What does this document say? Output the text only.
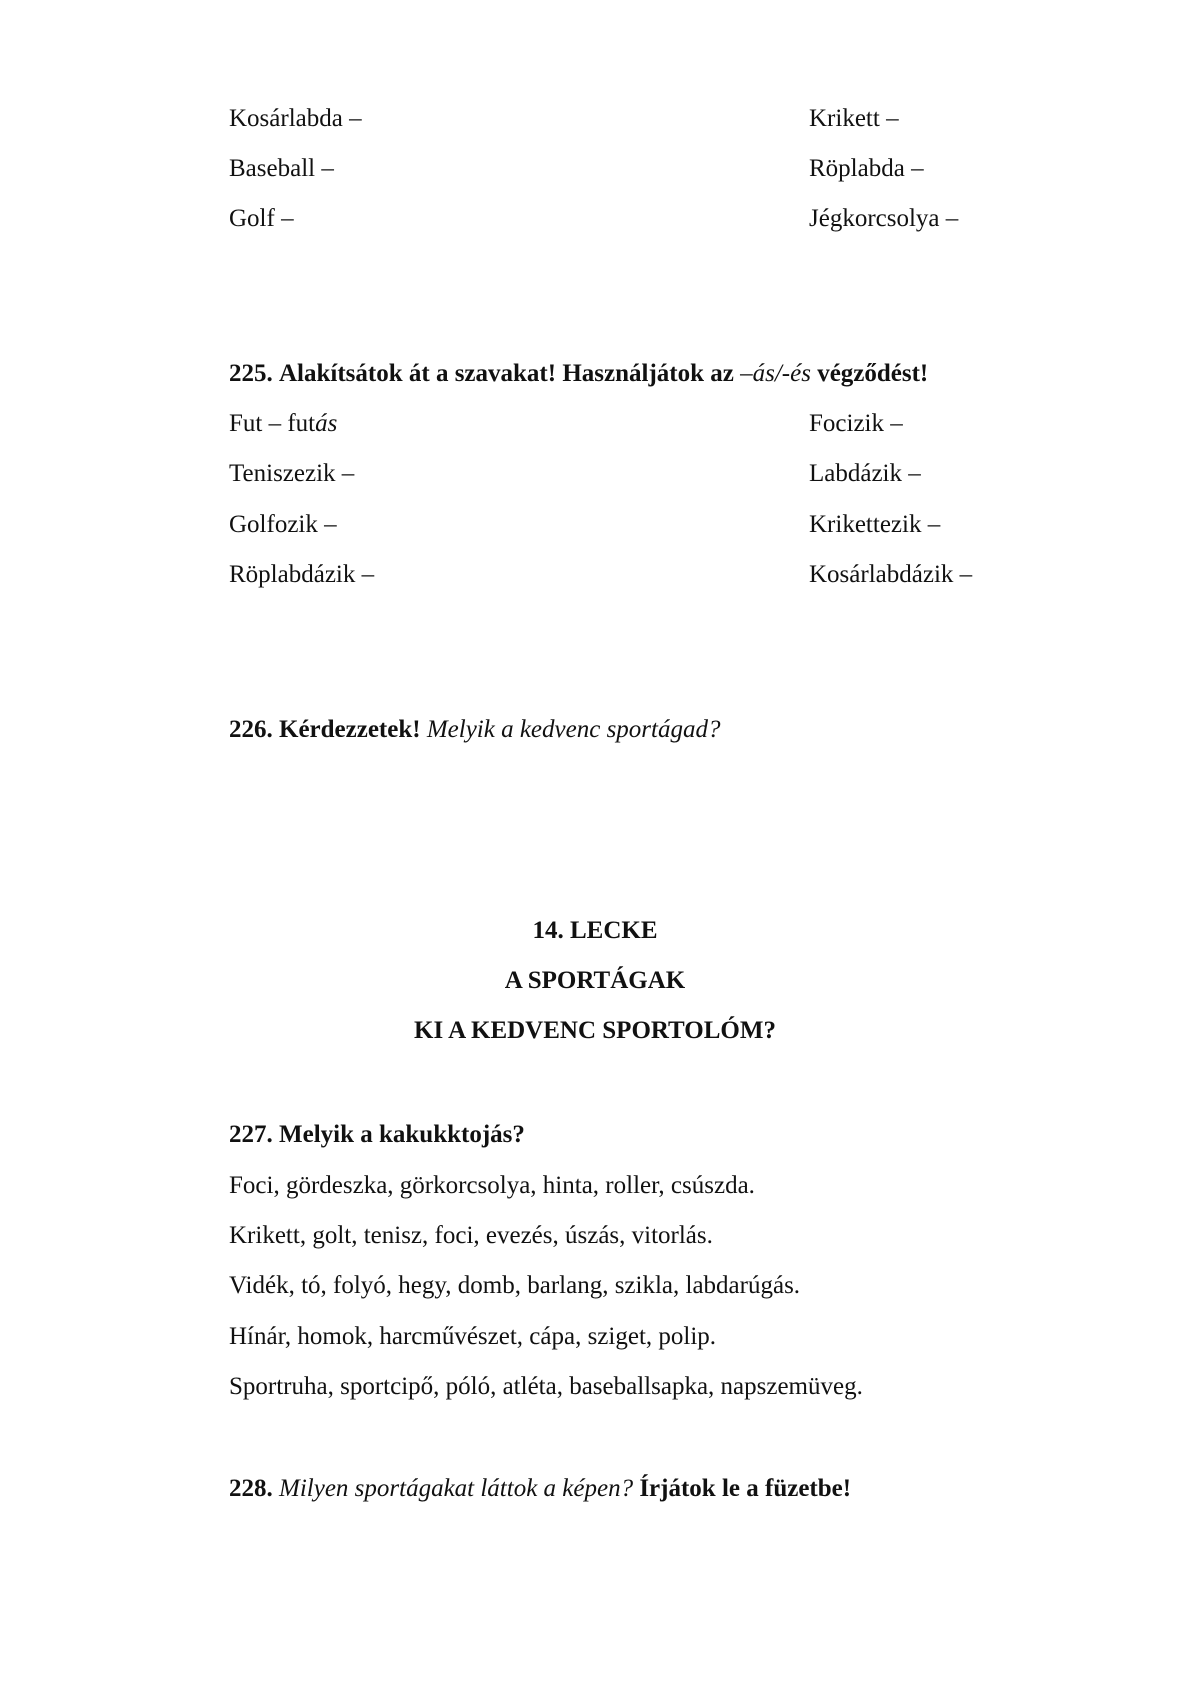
Kosárlabda –
Baseball –
Golf –
Krikett –
Röplabda –
Jégkorcsolya –
225. Alakítsátok át a szavakat! Használjátok az –ás/-és végződést!
Fut – futás
Teniszezik –
Golfozik –
Röplabdázik –
Focizik –
Labdázik –
Krikettezik –
Kosárlabdázik –
226. Kérdezzetek! Melyik a kedvenc sportágad?
14. LECKE
A SPORTÁGAK
KI A KEDVENC SPORTOLÓM?
227. Melyik a kakukktojás?
Foci, gördeszka, görkorcsolya, hinta, roller, csúszda.
Krikett, golt, tenisz, foci, evezés, úszás, vitorlás.
Vidék, tó, folyó, hegy, domb, barlang, szikla, labdarúgás.
Hínár, homok, harcművészet, cápa, sziget, polip.
Sportruha, sportcipő, póló, atléta, baseballsapka, napszemüveg.
228. Milyen sportágakat láttok a képen? Írjátok le a füzetbe!
